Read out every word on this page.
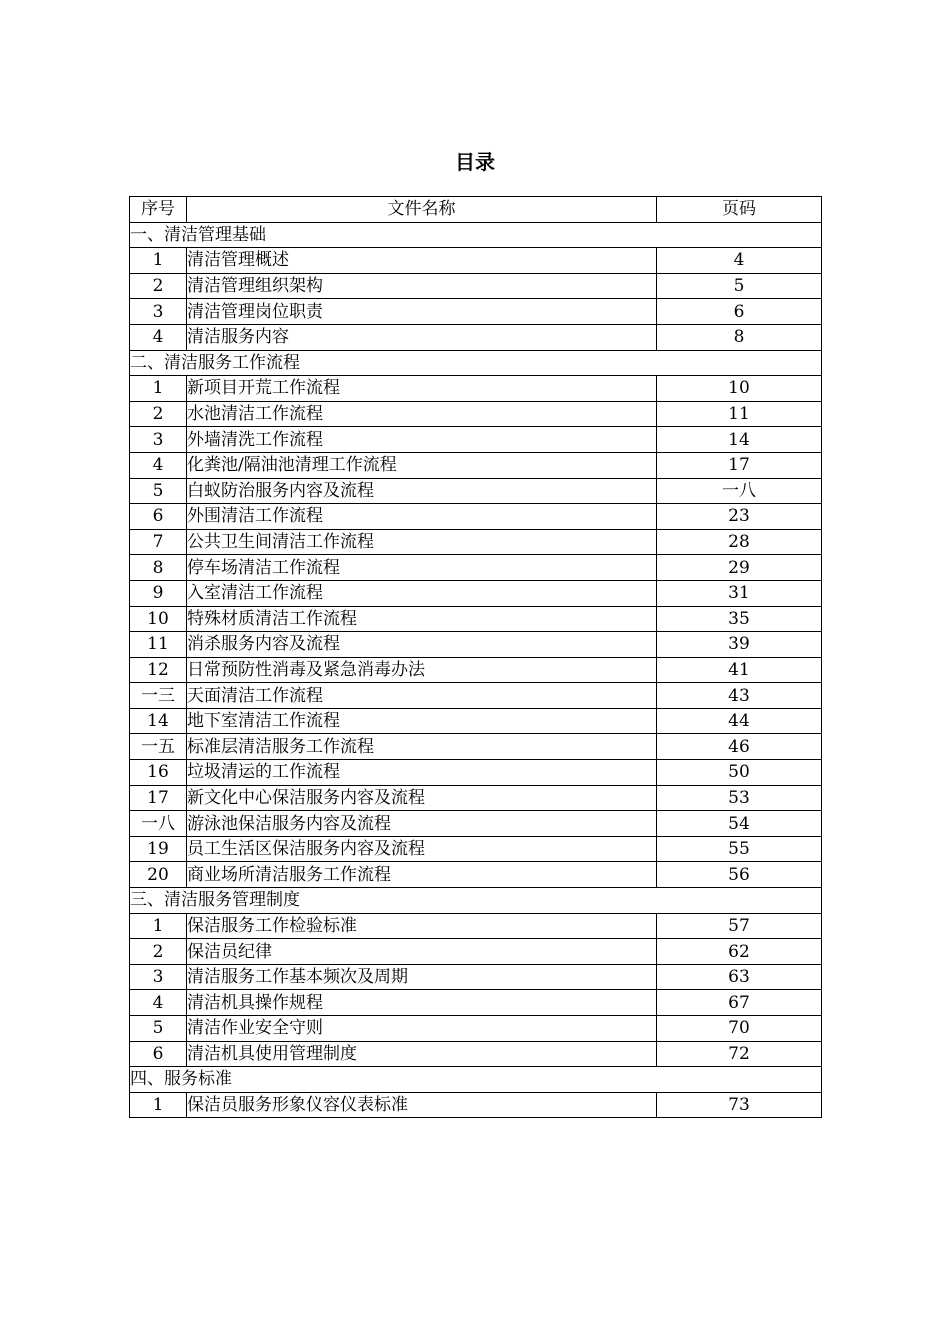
目录
序号	文件名称	页码
一、清洁管理基础		
1	清洁管理概述	4
2	清洁管理组织架构	5
3	清洁管理岗位职责	6
4	清洁服务内容	8
二、清洁服务工作流程		
1	新项目开荒工作流程	10
2	水池清洁工作流程	11
3	外墙清洗工作流程	14
4	化粪池/隔油池清理工作流程	17
5	白蚁防治服务内容及流程	一八
6	外围清洁工作流程	23
7	公共卫生间清洁工作流程	28
8	停车场清洁工作流程	29
9	入室清洁工作流程	31
10	特殊材质清洁工作流程	35
11	消杀服务内容及流程	39
12	日常预防性消毒及紧急消毒办法	41
一三	天面清洁工作流程	43
14	地下室清洁工作流程	44
一五	标准层清洁服务工作流程	46
16	垃圾清运的工作流程	50
17	新文化中心保洁服务内容及流程	53
一八	游泳池保洁服务内容及流程	54
19	员工生活区保洁服务内容及流程	55
20	商业场所清洁服务工作流程	56
三、清洁服务管理制度		
1	保洁服务工作检验标准	57
2	保洁员纪律	62
3	清洁服务工作基本频次及周期	63
4	清洁机具操作规程	67
5	清洁作业安全守则	70
6	清洁机具使用管理制度	72
四、服务标准		
1	保洁员服务形象仪容仪表标准	73
